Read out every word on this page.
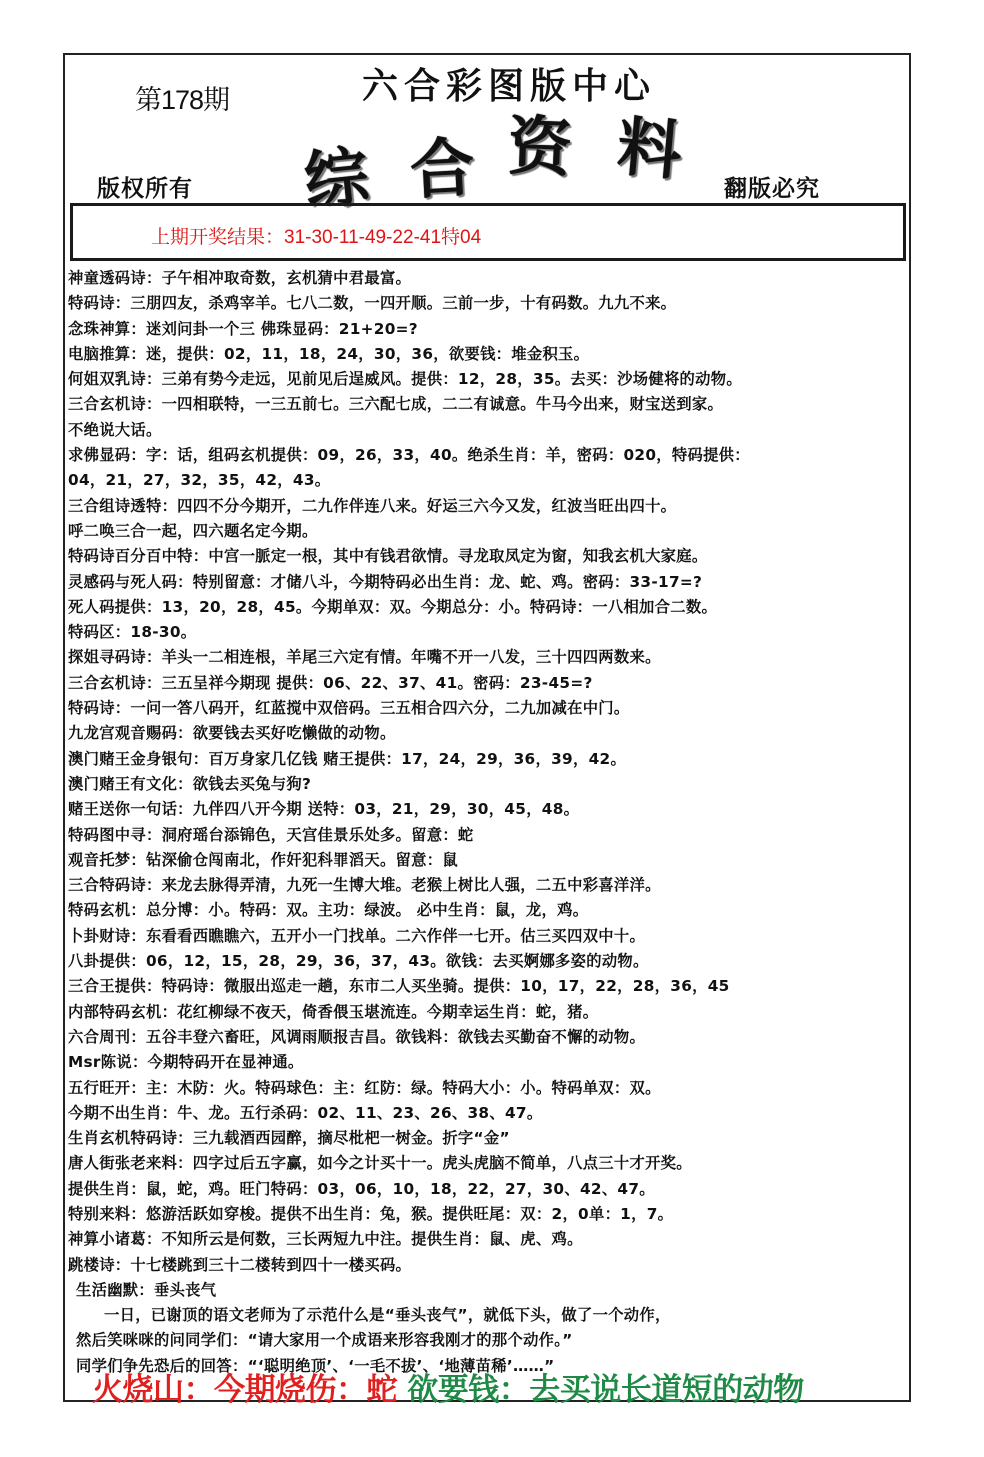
第178期	六合彩图版中心
综 合 资 料
版权所有	翻版必究
上期开奖结果：31-30-11-49-22-41特04
神童透码诗：子午相冲取奇数，玄机猜中君最富。
特码诗：三朋四友，杀鸡宰羊。七八二数，一四开顺。三前一步，十有码数。九九不来。
念珠神算：迷刘问卦一个三 佛珠显码：21+20=?
电脑推算：迷，提供：02，11，18，24，30，36，欲要钱：堆金积玉。
何姐双乳诗：三弟有势今走远，见前见后逞威风。提供：12，28，35。去买：沙场健将的动物。
三合玄机诗：一四相联特，一三五前七。三六配七成，二二有诚意。牛马今出来，财宝送到家。
不绝说大话。
求佛显码：字：话，组码玄机提供：09，26，33，40。绝杀生肖：羊，密码：020，特码提供：
04，21，27，32，35，42，43。
三合组诗透特：四四不分今期开，二九作伴连八来。好运三六今又发，红波当旺出四十。
呼二唤三合一起，四六题名定今期。
特码诗百分百中特：中宫一脈定一根，其中有钱君欲情。寻龙取凤定为窗，知我玄机大家庭。
灵感码与死人码：特别留意：才储八斗，今期特码必出生肖：龙、蛇、鸡。密码：33-17=?
死人码提供：13，20，28，45。今期单双：双。今期总分：小。特码诗：一八相加合二数。
特码区：18-30。
探姐寻码诗：羊头一二相连根，羊尾三六定有情。年嘴不开一八发，三十四四两数来。
三合玄机诗：三五呈祥今期现 提供：06、22、37、41。密码：23-45=?
特码诗：一问一答八码开，红蓝搅中双倍码。三五相合四六分，二九加减在中门。
九龙宫观音赐码：欲要钱去买好吃懒做的动物。
澳门赌王金身银句：百万身家几亿钱 赌王提供：17，24，29，36，39，42。
澳门赌王有文化：欲钱去买兔与狗?
赌王送你一句话：九伴四八开今期 送特：03，21，29，30，45，48。
特码图中寻：洞府瑶台添锦色，天宫佳景乐处多。留意：蛇
观音托梦：钻深偷仓闯南北，作奸犯科罪滔天。留意：鼠
三合特码诗：来龙去脉得弄清，九死一生博大堆。老猴上树比人强，二五中彩喜洋洋。
特码玄机：总分博：小。特码：双。主功：绿波。 必中生肖：鼠，龙，鸡。
卜卦财诗：东看看西瞧瞧六，五开小一门找单。二六作伴一七开。估三买四双中十。
八卦提供：06，12，15，28，29，36，37，43。欲钱：去买婀娜多姿的动物。
三合王提供：特码诗：微服出巡走一趟，东市二人买坐骑。提供：10，17，22，28，36，45
内部特码玄机：花红柳绿不夜天，倚香偎玉堪流连。今期幸运生肖：蛇，猪。
六合周刊：五谷丰登六畜旺，风调雨顺报吉昌。欲钱料：欲钱去买勤奋不懈的动物。
Msr陈说：今期特码开在显神通。
五行旺开：主：木防：火。特码球色：主：红防：绿。特码大小：小。特码单双：双。
今期不出生肖：牛、龙。五行杀码：02、11、23、26、38、47。
生肖玄机特码诗：三九载酒西园醉，摘尽枇杷一树金。折字“金”
唐人街张老来料：四字过后五字赢，如今之计买十一。虎头虎脑不简单，八点三十才开奖。
提供生肖：鼠，蛇，鸡。旺门特码：03，06，10，18，22，27，30、42、47。
特别来料：悠游活跃如穿梭。提供不出生肖：兔，猴。提供旺尾：双：2，0单：1，7。
神算小诸葛：不知所云是何数，三长两短九中注。提供生肖：鼠、虎、鸡。
跳楼诗：十七楼跳到三十二楼转到四十一楼买码。
生活幽默：垂头丧气
一日，已谢顶的语文老师为了示范什么是“垂头丧气”，就低下头，做了一个动作，
然后笑咪咪的问同学们：“请大家用一个成语来形容我刚才的那个动作。”
同学们争先恐后的回答：“‘聪明绝顶’、‘一毛不拔’、‘地薄苗稀’……”
火烧山：今期烧伤：蛇 欲要钱：去买说长道短的动物
